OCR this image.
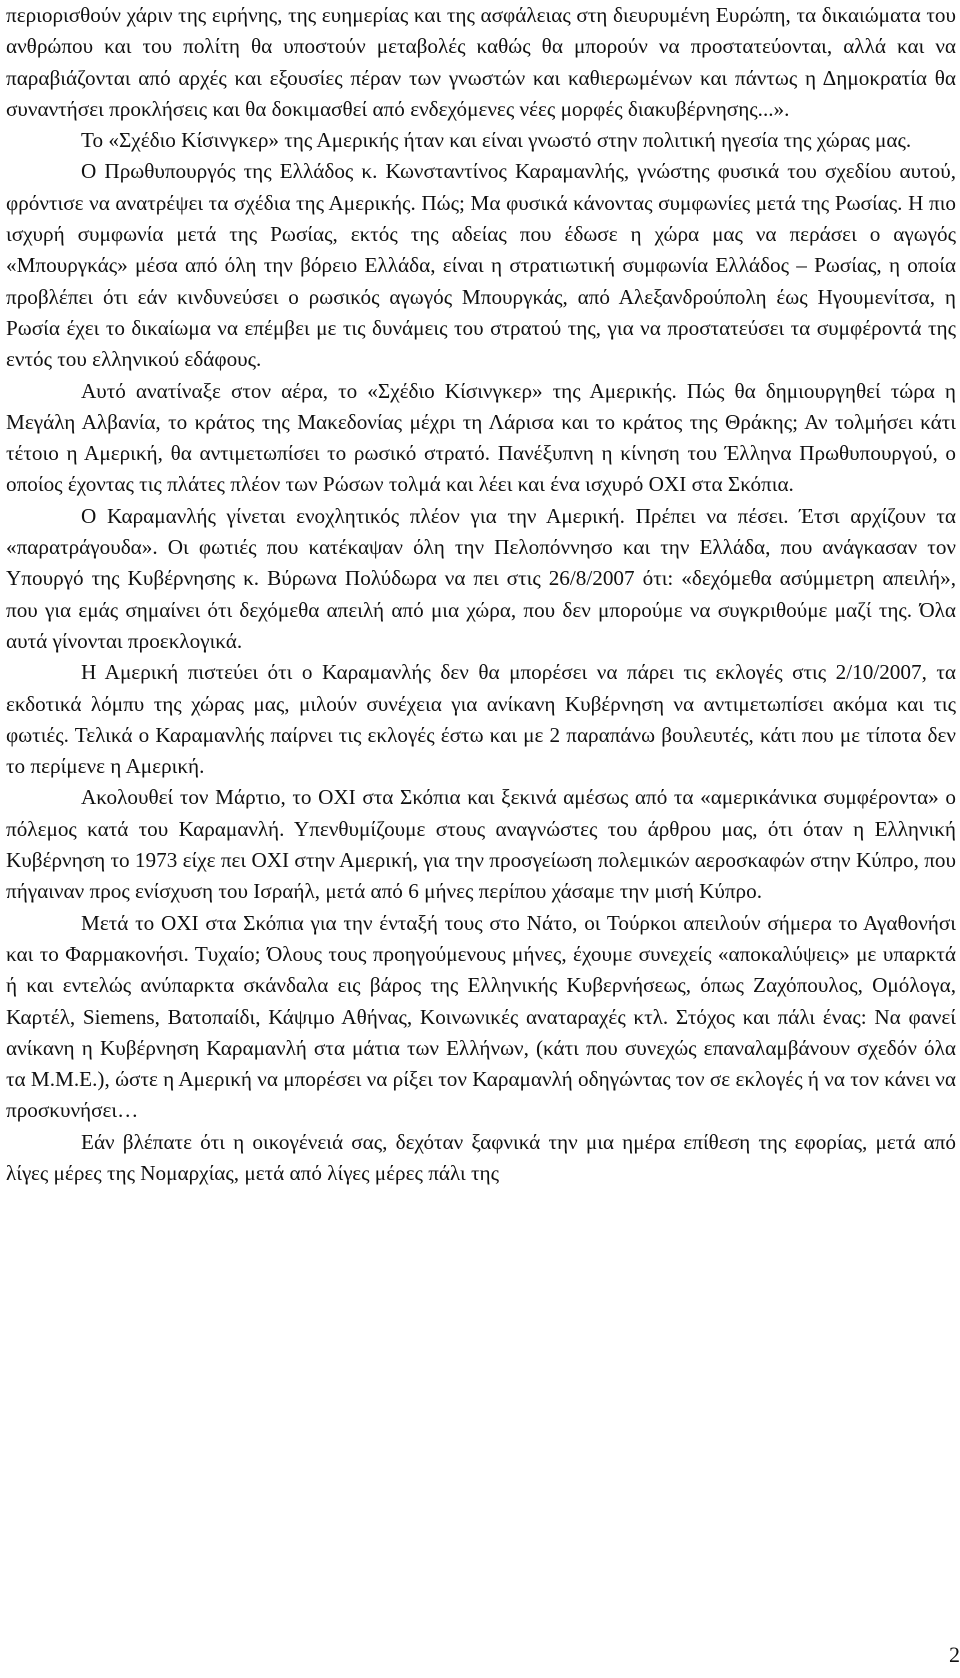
περιορισθούν χάριν της ειρήνης, της ευημερίας και της ασφάλειας στη διευρυμένη Ευρώπη, τα δικαιώματα του ανθρώπου και του πολίτη θα υποστούν μεταβολές καθώς θα μπορούν να προστατεύονται, αλλά και να παραβιάζονται από αρχές και εξουσίες πέραν των γνωστών και καθιερωμένων και πάντως η Δημοκρατία θα συναντήσει προκλήσεις και θα δοκιμασθεί από ενδεχόμενες νέες μορφές διακυβέρνησης...».

Το «Σχέδιο Κίσινγκερ» της Αμερικής ήταν και είναι γνωστό στην πολιτική ηγεσία της χώρας μας.

Ο Πρωθυπουργός της Ελλάδος κ. Κωνσταντίνος Καραμανλής, γνώστης φυσικά του σχεδίου αυτού, φρόντισε να ανατρέψει τα σχέδια της Αμερικής. Πώς; Μα φυσικά κάνοντας συμφωνίες μετά της Ρωσίας. Η πιο ισχυρή συμφωνία μετά της Ρωσίας, εκτός της αδείας που έδωσε η χώρα μας να περάσει ο αγωγός «Μπουργκάς» μέσα από όλη την βόρειο Ελλάδα, είναι η στρατιωτική συμφωνία Ελλάδος – Ρωσίας, η οποία προβλέπει ότι εάν κινδυνεύσει ο ρωσικός αγωγός Μπουργκάς, από Αλεξανδρούπολη έως Ηγουμενίτσα, η Ρωσία έχει το δικαίωμα να επέμβει με τις δυνάμεις του στρατού της, για να προστατεύσει τα συμφέροντά της εντός του ελληνικού εδάφους.

Αυτό ανατίναξε στον αέρα, το «Σχέδιο Κίσινγκερ» της Αμερικής. Πώς θα δημιουργηθεί τώρα η Μεγάλη Αλβανία, το κράτος της Μακεδονίας μέχρι τη Λάρισα και το κράτος της Θράκης; Αν τολμήσει κάτι τέτοιο η Αμερική, θα αντιμετωπίσει το ρωσικό στρατό. Πανέξυπνη η κίνηση του Έλληνα Πρωθυπουργού, ο οποίος έχοντας τις πλάτες πλέον των Ρώσων τολμά και λέει και ένα ισχυρό ΟΧΙ στα Σκόπια.

Ο Καραμανλής γίνεται ενοχλητικός πλέον για την Αμερική. Πρέπει να πέσει. Έτσι αρχίζουν τα «παρατράγουδα». Οι φωτιές που κατέκαψαν όλη την Πελοπόννησο και την Ελλάδα, που ανάγκασαν τον Υπουργό της Κυβέρνησης κ. Βύρωνα Πολύδωρα να πει στις 26/8/2007 ότι: «δεχόμεθα ασύμμετρη απειλή», που για εμάς σημαίνει ότι δεχόμεθα απειλή από μια χώρα, που δεν μπορούμε να συγκριθούμε μαζί της. Όλα αυτά γίνονται προεκλογικά.

Η Αμερική πιστεύει ότι ο Καραμανλής δεν θα μπορέσει να πάρει τις εκλογές στις 2/10/2007, τα εκδοτικά λόμπυ της χώρας μας, μιλούν συνέχεια για ανίκανη Κυβέρνηση να αντιμετωπίσει ακόμα και τις φωτιές. Τελικά ο Καραμανλής παίρνει τις εκλογές έστω και με 2 παραπάνω βουλευτές, κάτι που με τίποτα δεν το περίμενε η Αμερική.

Ακολουθεί τον Μάρτιο, το ΟΧΙ στα Σκόπια και ξεκινά αμέσως από τα «αμερικάνικα συμφέροντα» ο πόλεμος κατά του Καραμανλή. Υπενθυμίζουμε στους αναγνώστες του άρθρου μας, ότι όταν η Ελληνική Κυβέρνηση το 1973 είχε πει ΟΧΙ στην Αμερική, για την προσγείωση πολεμικών αεροσκαφών στην Κύπρο, που πήγαιναν προς ενίσχυση του Ισραήλ, μετά από 6 μήνες περίπου χάσαμε την μισή Κύπρο.

Μετά το ΟΧΙ στα Σκόπια για την ένταξή τους στο Νάτο, οι Τούρκοι απειλούν σήμερα το Αγαθονήσι και το Φαρμακονήσι. Τυχαίο; Όλους τους προηγούμενους μήνες, έχουμε συνεχείς «αποκαλύψεις» με υπαρκτά ή και εντελώς ανύπαρκτα σκάνδαλα εις βάρος της Ελληνικής Κυβερνήσεως, όπως Ζαχόπουλος, Ομόλογα, Καρτέλ, Siemens, Βατοπαίδι, Κάψιμο Αθήνας, Κοινωνικές αναταραχές κτλ. Στόχος και πάλι ένας: Να φανεί ανίκανη η Κυβέρνηση Καραμανλή στα μάτια των Ελλήνων, (κάτι που συνεχώς επαναλαμβάνουν σχεδόν όλα τα Μ.Μ.Ε.), ώστε η Αμερική να μπορέσει να ρίξει τον Καραμανλή οδηγώντας τον σε εκλογές ή να τον κάνει να προσκυνήσει…

Εάν βλέπατε ότι η οικογένειά σας, δεχόταν ξαφνικά την μια ημέρα επίθεση της εφορίας, μετά από λίγες μέρες της Νομαρχίας, μετά από λίγες μέρες πάλι της

2
